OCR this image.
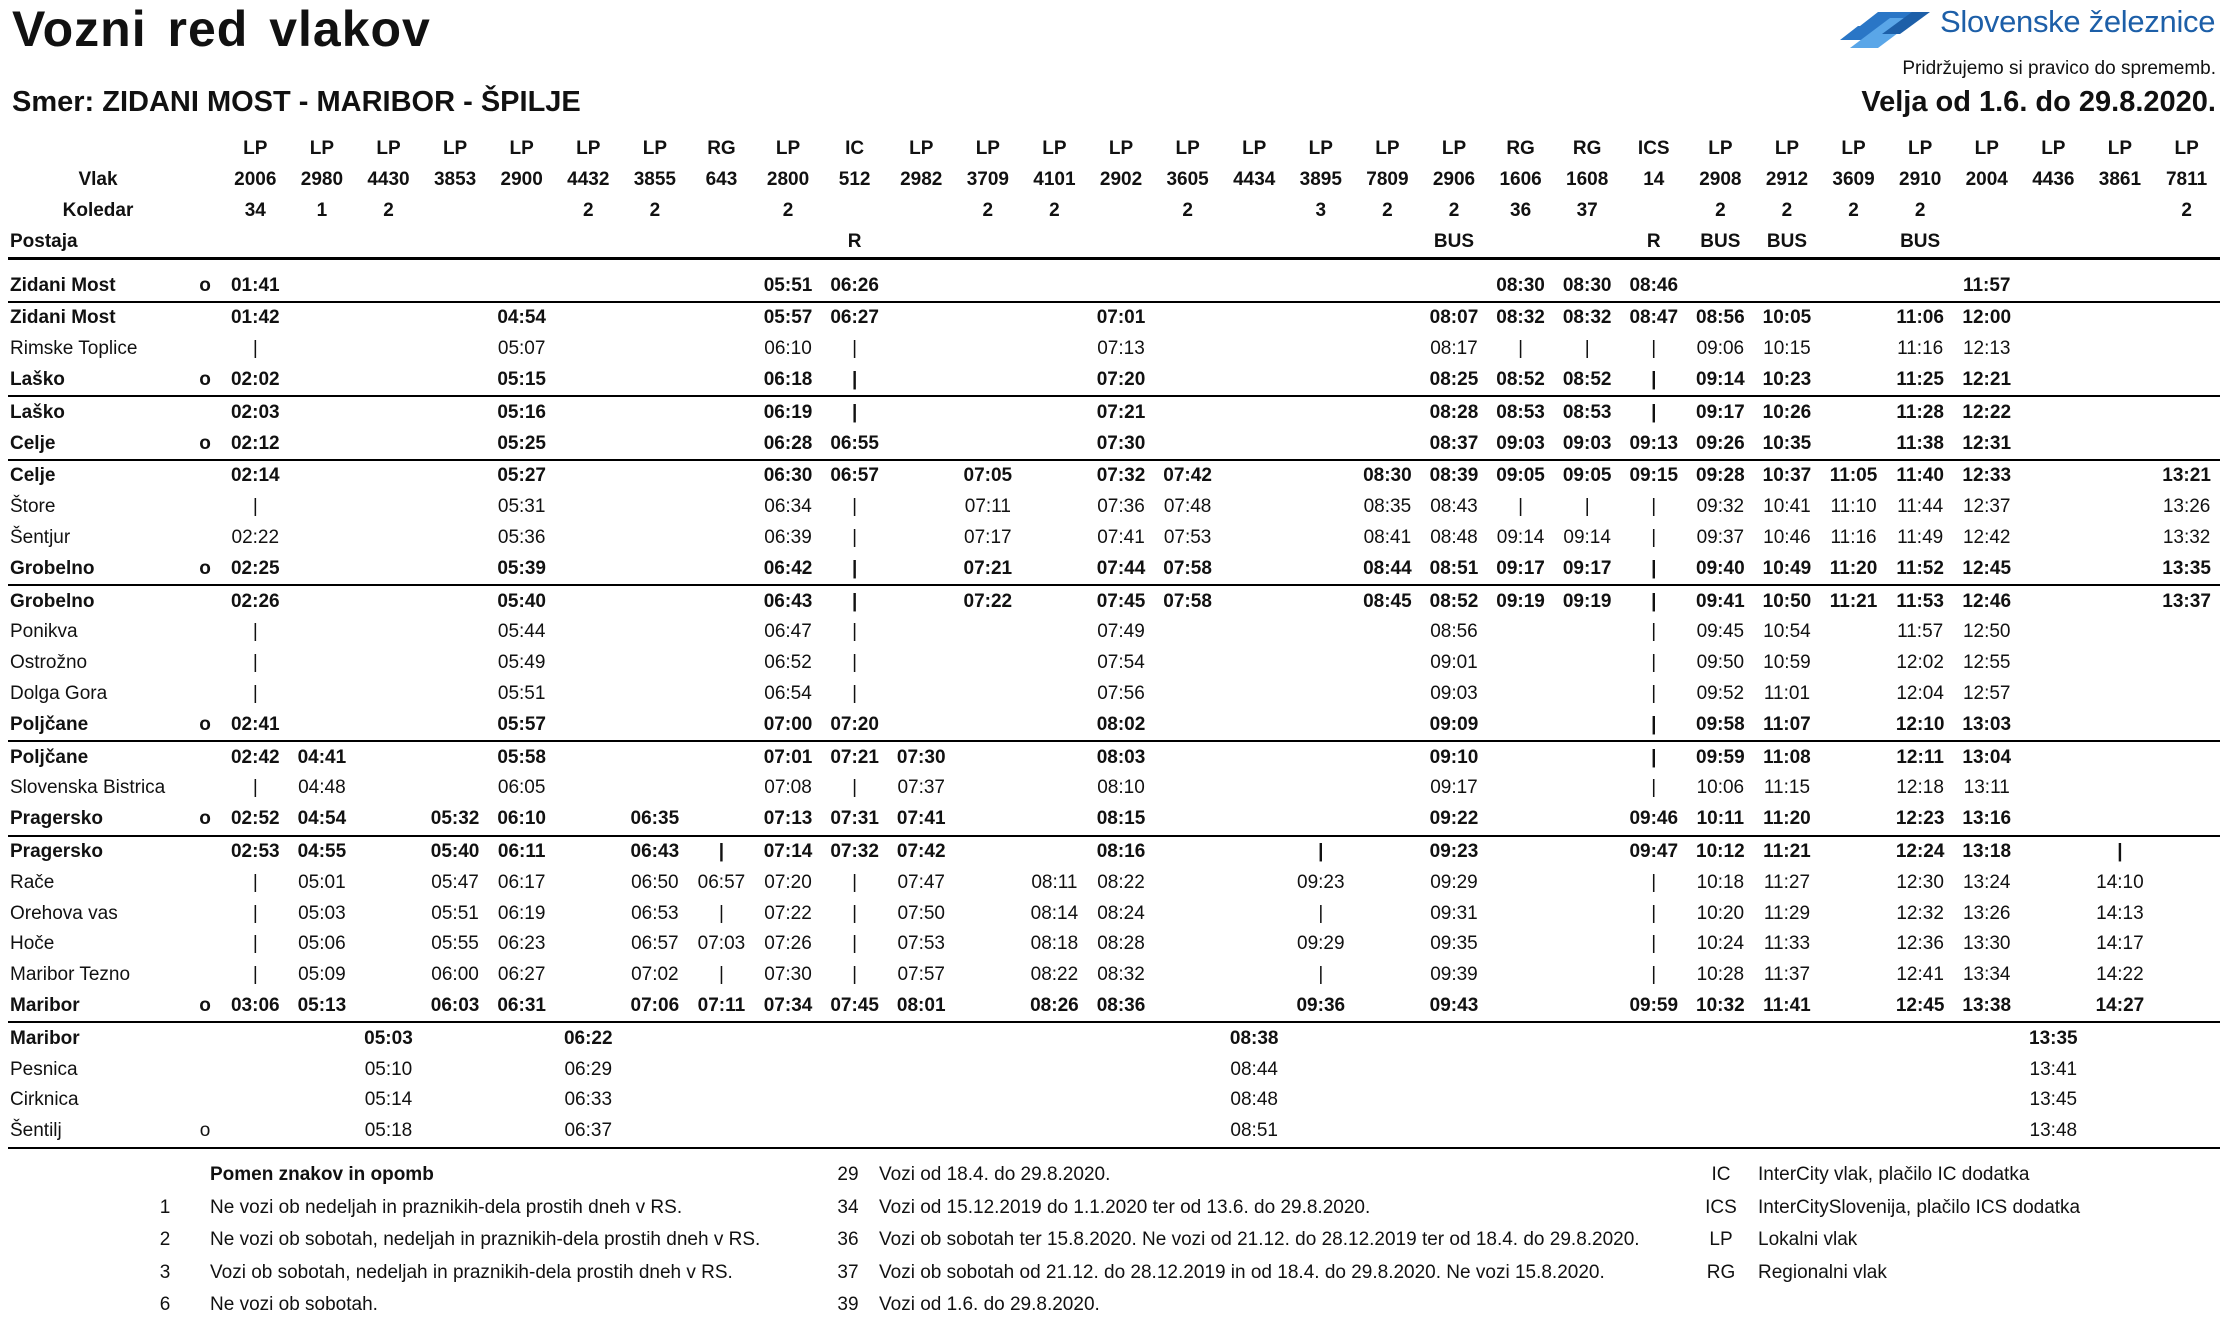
Vozni red vlakov
Smer: ZIDANI MOST - MARIBOR - ŠPILJE
Slovenske železnice
Pridržujemo si pravico do sprememb.
Velja od 1.6. do 29.8.2020.
		LP	LP	LP	LP	LP	LP	LP	RG	LP	IC	LP	LP	LP	LP	LP	LP	LP	LP	LP	RG	RG	ICS	LP	LP	LP	LP	LP	LP	LP	LP
Vlak		2006	2980	4430	3853	2900	4432	3855	643	2800	512	2982	3709	4101	2902	3605	4434	3895	7809	2906	1606	1608	14	2908	2912	3609	2910	2004	4436	3861	7811
Koledar		34	1	2			2	2		2			2	2		2		3	2	2	36	37		2	2	2	2				2
Postaja											R									BUS			R	BUS	BUS		BUS				

Zidani Most	o	01:41								05:51	06:26										08:30	08:30	08:46					11:57			
Zidani Most		01:42				04:54				05:57	06:27				07:01					08:07	08:32	08:32	08:47	08:56	10:05		11:06	12:00			
Rimske Toplice		|				05:07				06:10	|				07:13					08:17	|	|	|	09:06	10:15		11:16	12:13			
Laško	o	02:02				05:15				06:18	|				07:20					08:25	08:52	08:52	|	09:14	10:23		11:25	12:21			
Laško		02:03				05:16				06:19	|				07:21					08:28	08:53	08:53	|	09:17	10:26		11:28	12:22			
Celje	o	02:12				05:25				06:28	06:55				07:30					08:37	09:03	09:03	09:13	09:26	10:35		11:38	12:31			
Celje		02:14				05:27				06:30	06:57		07:05		07:32	07:42			08:30	08:39	09:05	09:05	09:15	09:28	10:37	11:05	11:40	12:33			13:21
Štore		|				05:31				06:34	|		07:11		07:36	07:48			08:35	08:43	|	|	|	09:32	10:41	11:10	11:44	12:37			13:26
Šentjur		02:22				05:36				06:39	|		07:17		07:41	07:53			08:41	08:48	09:14	09:14	|	09:37	10:46	11:16	11:49	12:42			13:32
Grobelno	o	02:25				05:39				06:42	|		07:21		07:44	07:58			08:44	08:51	09:17	09:17	|	09:40	10:49	11:20	11:52	12:45			13:35
Grobelno		02:26				05:40				06:43	|		07:22		07:45	07:58			08:45	08:52	09:19	09:19	|	09:41	10:50	11:21	11:53	12:46			13:37
Ponikva		|				05:44				06:47	|				07:49					08:56			|	09:45	10:54		11:57	12:50			
Ostrožno		|				05:49				06:52	|				07:54					09:01			|	09:50	10:59		12:02	12:55			
Dolga Gora		|				05:51				06:54	|				07:56					09:03			|	09:52	11:01		12:04	12:57			
Poljčane	o	02:41				05:57				07:00	07:20				08:02					09:09			|	09:58	11:07		12:10	13:03			
Poljčane		02:42	04:41			05:58				07:01	07:21	07:30			08:03					09:10			|	09:59	11:08		12:11	13:04			
Slovenska Bistrica		|	04:48			06:05				07:08	|	07:37			08:10					09:17			|	10:06	11:15		12:18	13:11			
Pragersko	o	02:52	04:54		05:32	06:10		06:35		07:13	07:31	07:41			08:15					09:22			09:46	10:11	11:20		12:23	13:16			
Pragersko		02:53	04:55		05:40	06:11		06:43	|	07:14	07:32	07:42			08:16			|		09:23			09:47	10:12	11:21		12:24	13:18		|	
Rače		|	05:01		05:47	06:17		06:50	06:57	07:20	|	07:47		08:11	08:22			09:23		09:29			|	10:18	11:27		12:30	13:24		14:10	
Orehova vas		|	05:03		05:51	06:19		06:53	|	07:22	|	07:50		08:14	08:24			|		09:31			|	10:20	11:29		12:32	13:26		14:13	
Hoče		|	05:06		05:55	06:23		06:57	07:03	07:26	|	07:53		08:18	08:28			09:29		09:35			|	10:24	11:33		12:36	13:30		14:17	
Maribor Tezno		|	05:09		06:00	06:27		07:02	|	07:30	|	07:57		08:22	08:32			|		09:39			|	10:28	11:37		12:41	13:34		14:22	
Maribor	o	03:06	05:13		06:03	06:31		07:06	07:11	07:34	07:45	08:01		08:26	08:36			09:36		09:43			09:59	10:32	11:41		12:45	13:38		14:27	
Maribor				05:03			06:22										08:38												13:35		
Pesnica				05:10			06:29										08:44												13:41		
Cirknica				05:14			06:33										08:48												13:45		
Šentilj	o			05:18			06:37										08:51												13:48		
Pomen znakov in opomb
1	Ne vozi ob nedeljah in praznikih-dela prostih dneh v RS.
2	Ne vozi ob sobotah, nedeljah in praznikih-dela prostih dneh v RS.
3	Vozi ob sobotah, nedeljah in praznikih-dela prostih dneh v RS.
6	Ne vozi ob sobotah.
29 Vozi od 18.4. do 29.8.2020.
34 Vozi od 15.12.2019 do 1.1.2020 ter od 13.6. do 29.8.2020.
36 Vozi ob sobotah ter 15.8.2020. Ne vozi od 21.12. do 28.12.2019 ter od 18.4. do 29.8.2020.
37 Vozi ob sobotah od 21.12. do 28.12.2019 in od 18.4. do 29.8.2020. Ne vozi 15.8.2020.
39 Vozi od 1.6. do 29.8.2020.
IC	InterCity vlak, plačilo IC dodatka
ICS InterCitySlovenija, plačilo ICS dodatka
LP	Lokalni vlak
RG	Regionalni vlak
